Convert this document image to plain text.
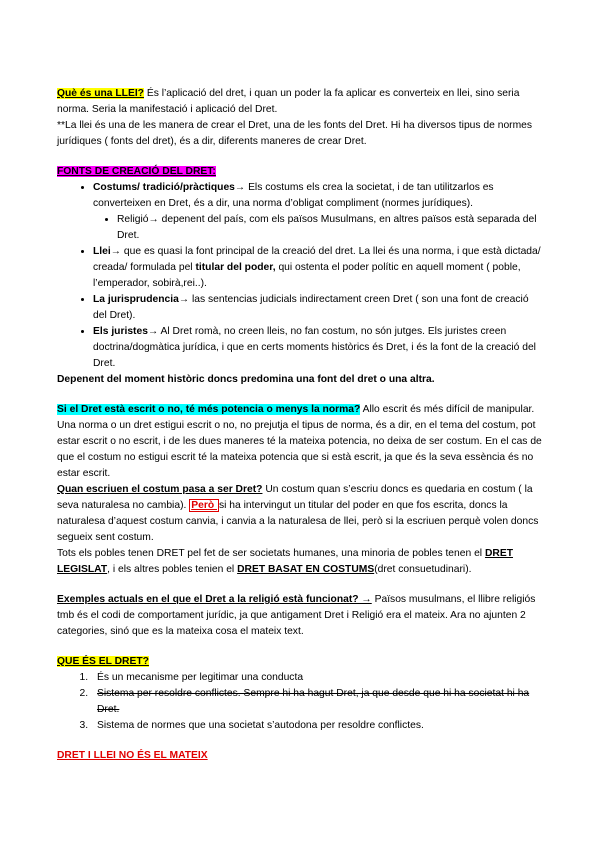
Què és una LLEI? És l’aplicació del dret, i quan un poder la fa aplicar es converteix en llei, sino seria norma. Seria la manifestació i aplicació del Dret.

**La llei és una de les manera de crear el Dret, una de les fonts del Dret. Hi ha diversos tipus de normes jurídiques ( fonts del dret), és a dir, diferents maneres de crear Dret.

FONTS DE CREACIÓ DEL DRET:

• Costums/ tradició/pràctiques→ Els costums els crea la societat, i de tan utilitzarlos es converteixen en Dret, és a dir, una norma d’obligat compliment (normes jurídiques).
• Religió→ depenent del país, com els països Musulmans, en altres països està separada del Dret.
• Llei→ que es quasi la font principal de la creació del dret. La llei és una norma, i que està dictada/ creada/ formulada pel titular del poder, qui ostenta el poder polític en aquell moment ( poble, l’emperador, sobirà,rei..).
• La jurisprudencia→ las sentencias judicials indirectament creen Dret ( son una font de creació del Dret).
• Els juristes→ Al Dret romà, no creen lleis, no fan costum, no són jutges. Els juristes creen doctrina/dogmàtica jurídica, i que en certs moments històrics és Dret, i és la font de la creació del Dret.

Depenent del moment històric doncs predomina una font del dret o una altra.

Si el Dret està escrit o no, té més potencia o menys la norma? Allo escrit és més difícil de manipular. Una norma o un dret estigui escrit o no, no prejutja el tipus de norma, és a dir, en el tema del costum, pot estar escrit o no escrit, i de les dues maneres té la mateixa potencia, no deixa de ser costum. En el cas de que el costum no estigui escrit té la mateixa potencia que si està escrit, ja que és la seva essència és no estar escrit.

Quan escriuen el costum pasa a ser Dret? Un costum quan s’escriu doncs es quedaria en costum ( la seva naturalesa no cambia). Però si ha intervingut un titular del poder en que fos escrita, doncs la naturalesa d’aquest costum canvia, i canvia a la naturalesa de llei, però si la escriuen perquè volen doncs segueix sent costum.

Tots els pobles tenen DRET pel fet de ser societats humanes, una minoria de pobles tenen el DRET LEGISLAT, i els altres pobles tenien el DRET BASAT EN COSTUMS(dret consuetudinari).

Exemples actuals en el que el Dret a la religió està funcionat? → Països musulmans, el llibre religiós tmb és el codi de comportament jurídic, ja que antigament Dret i Religió era el mateix. Ara no ajunten 2 categories, sinó que es la mateixa cosa el mateix text.

QUE ÉS EL DRET?

1. És un mecanisme per legitimar una conducta
2. Sistema per resoldre conflictes. Sempre hi ha hagut Dret, ja que desde que hi ha societat hi ha Dret.
3. Sistema de normes que una societat s’autodona per resoldre conflictes.

DRET I LLEI NO ÉS EL MATEIX
